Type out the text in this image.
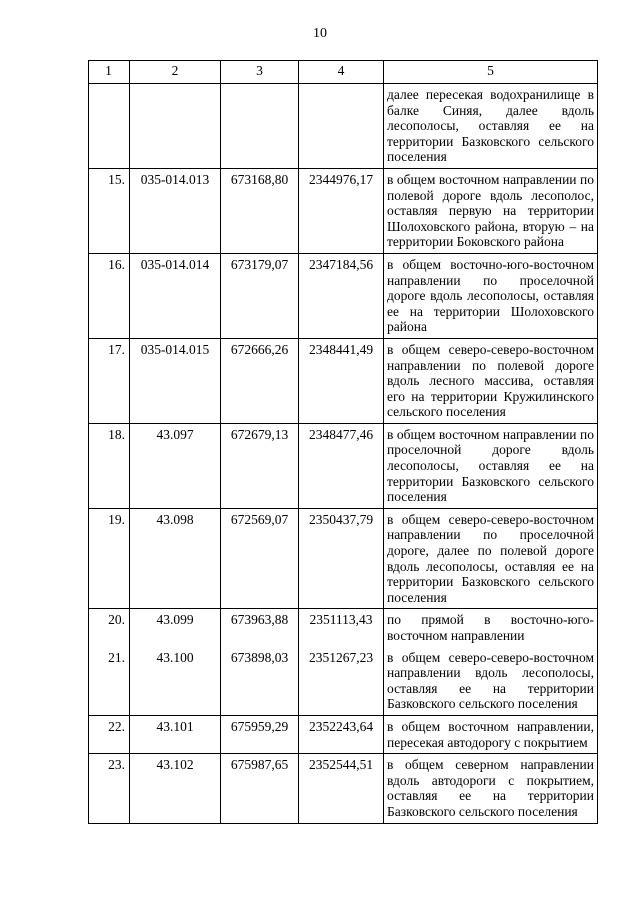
10
1	2	3	4	5
				далее пересекая водохранилище в балке Синяя, далее вдоль лесополосы, оставляя ее на территории Базковского сельского поселения
15.	035-014.013	673168,80	2344976,17	в общем восточном направлении по полевой дороге вдоль лесополос, оставляя первую на территории Шолоховского района, вторую – на территории Боковского района
16.	035-014.014	673179,07	2347184,56	в общем восточно-юго-восточном направлении по проселочной дороге вдоль лесополосы, оставляя ее на территории Шолоховского района
17.	035-014.015	672666,26	2348441,49	в общем северо-северо-восточном направлении по полевой дороге вдоль лесного массива, оставляя его на территории Кружилинского сельского поселения
18.	43.097	672679,13	2348477,46	в общем восточном направлении по проселочной дороге вдоль лесополосы, оставляя ее на территории Базковского сельского поселения
19.	43.098	672569,07	2350437,79	в общем северо-северо-восточном направлении по проселочной дороге, далее по полевой дороге вдоль лесополосы, оставляя ее на территории Базковского сельского поселения
20.	43.099	673963,88	2351113,43	по прямой в восточно-юго-восточном направлении
21.	43.100	673898,03	2351267,23	в общем северо-северо-восточном направлении вдоль лесополосы, оставляя ее на территории Базковского сельского поселения
22.	43.101	675959,29	2352243,64	в общем восточном направлении, пересекая автодорогу с покрытием
23.	43.102	675987,65	2352544,51	в общем северном направлении вдоль автодороги с покрытием, оставляя ее на территории Базковского сельского поселения
